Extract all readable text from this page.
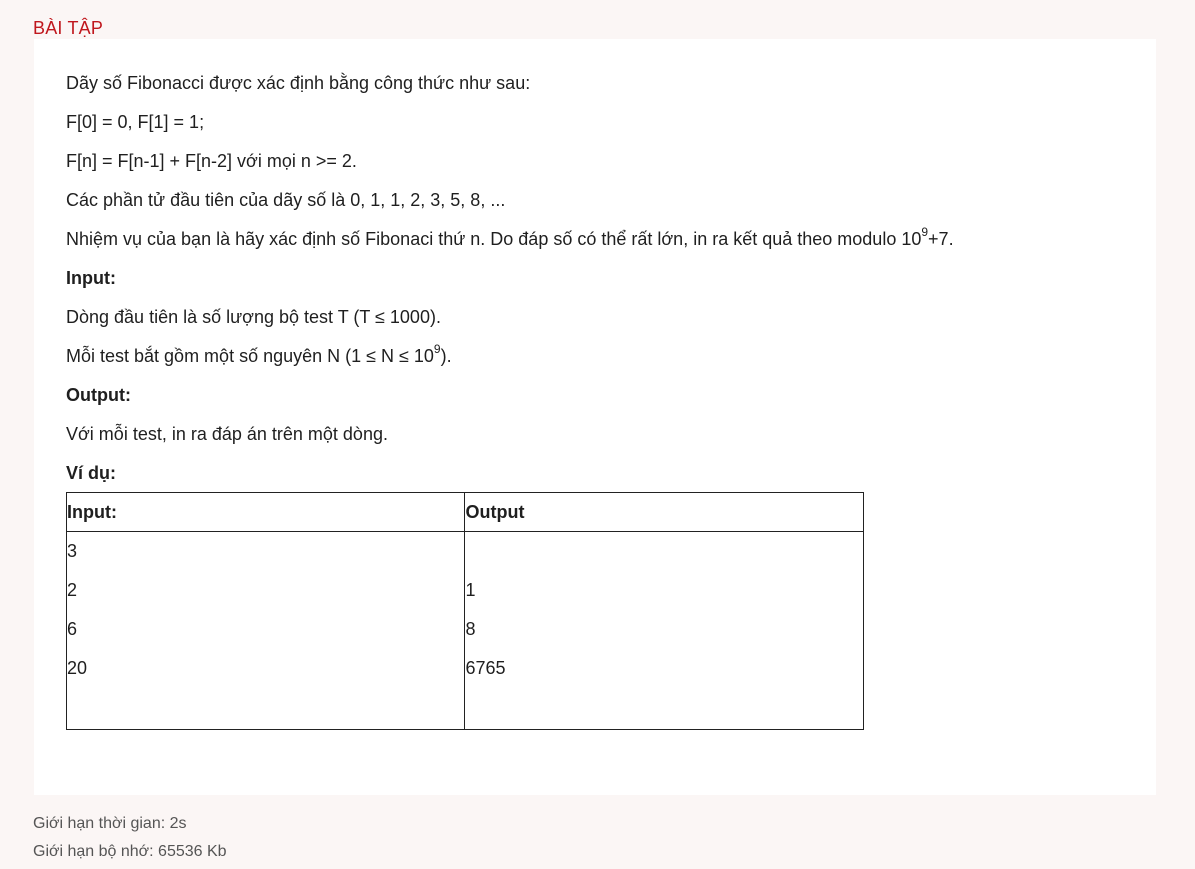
BÀI TẬP
Dãy số Fibonacci được xác định bằng công thức như sau:
F[0] = 0, F[1] = 1;
F[n] = F[n-1] + F[n-2] với mọi n >= 2.
Các phần tử đầu tiên của dãy số là 0, 1, 1, 2, 3, 5, 8, ...
Nhiệm vụ của bạn là hãy xác định số Fibonaci thứ n. Do đáp số có thể rất lớn, in ra kết quả theo modulo $10^9+7$.
Input:
Dòng đầu tiên là số lượng bộ test T (T ≤ 1000).
Mỗi test bắt gồm một số nguyên N $(1 \le N \le 10^9)$.
Output:
Với mỗi test, in ra đáp án trên một dòng.
Ví dụ:
Input:	Output
3	
2	1
6	8
20	6765

Giới hạn thời gian: 2s
Giới hạn bộ nhớ: 65536 Kb
